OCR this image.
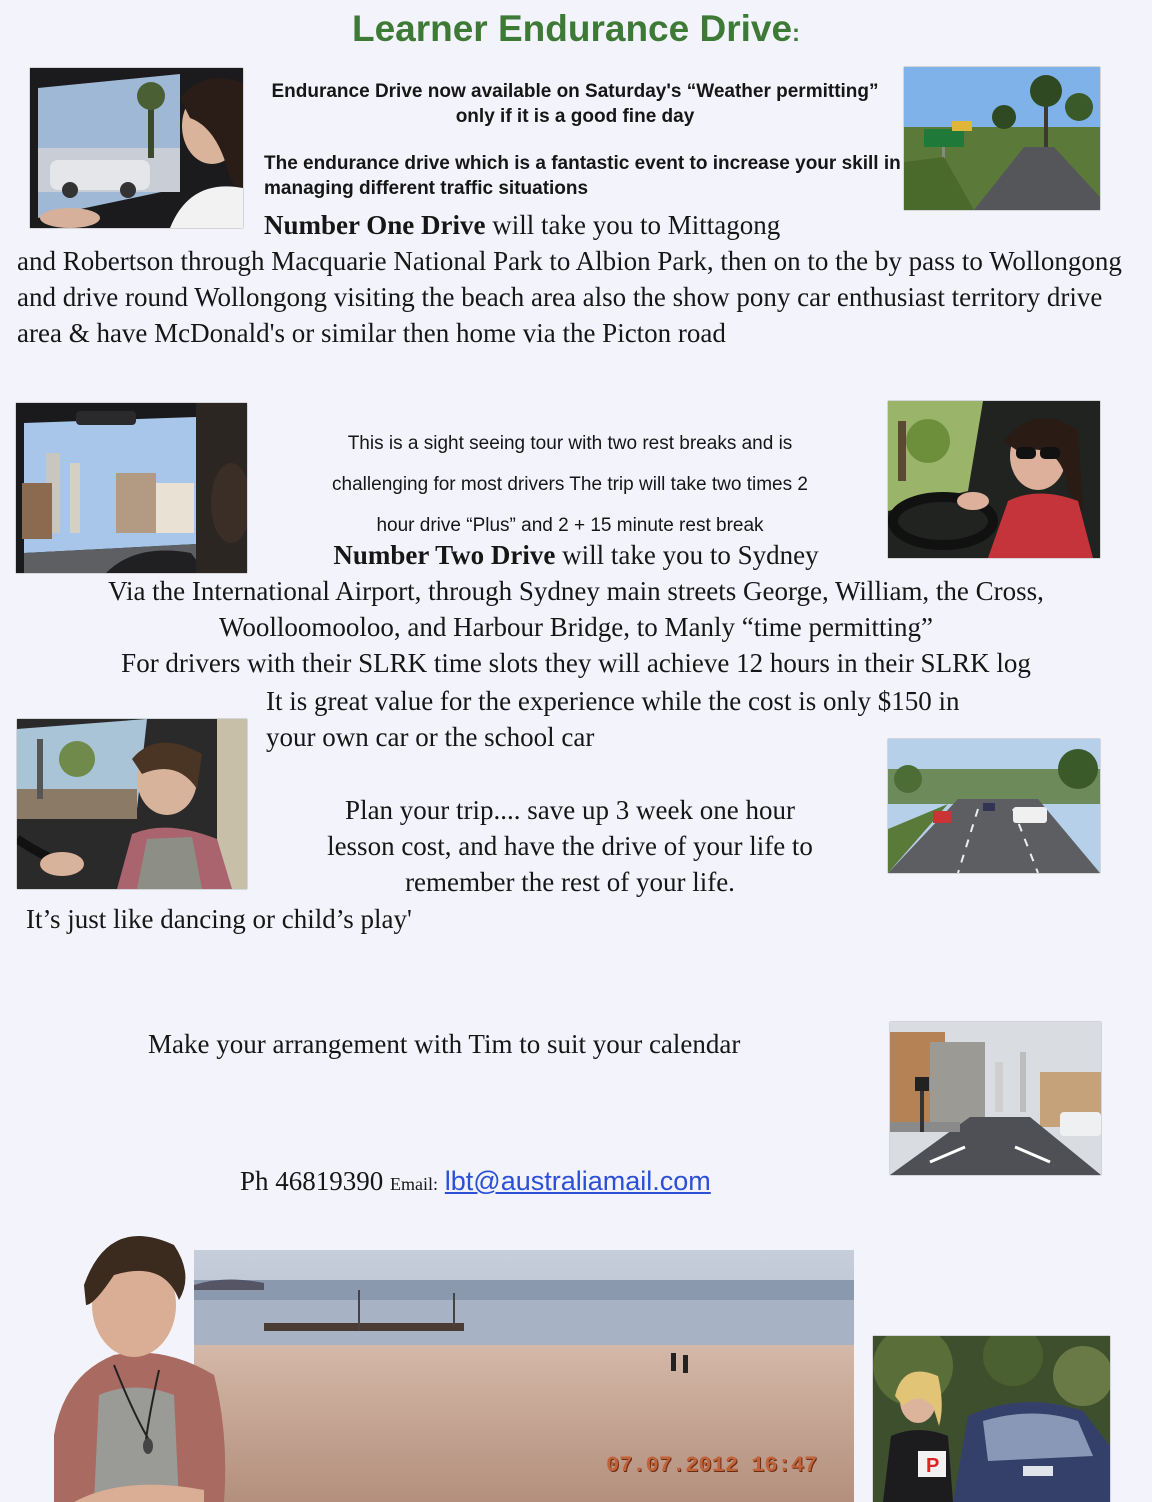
Learner Endurance Drive:
Endurance Drive now available on Saturday's “Weather permitting” only if it is a good fine day
The endurance drive which is a fantastic event to increase your skill in managing different traffic situations
Number One Drive will take you to Mittagong
and Robertson through Macquarie National Park to Albion Park, then on to the by pass to Wollongong and drive round Wollongong visiting the beach area also the show pony car enthusiast territory drive area & have McDonald's or similar then home via the Picton road
This is a sight seeing tour with two rest breaks and is
challenging for most drivers The trip will take two times 2
hour drive “Plus” and 2 + 15 minute rest break
Number Two Drive will take you to Sydney
Via the International Airport, through Sydney main streets George, William, the Cross,
Woolloomooloo, and Harbour Bridge, to Manly “time permitting”
For drivers with their SLRK time slots they will achieve 12 hours in their SLRK log
It is great value for the experience while the cost is only $150 in
your own car or the school car
Plan your trip.... save up 3 week one hour
lesson cost, and have the drive of your life to
remember the rest of your life.
It’s just like dancing or child’s play'
Make your arrangement with Tim to suit your calendar
Ph 46819390 Email: lbt@australiamail.com
07.07.2012 16:47	P
